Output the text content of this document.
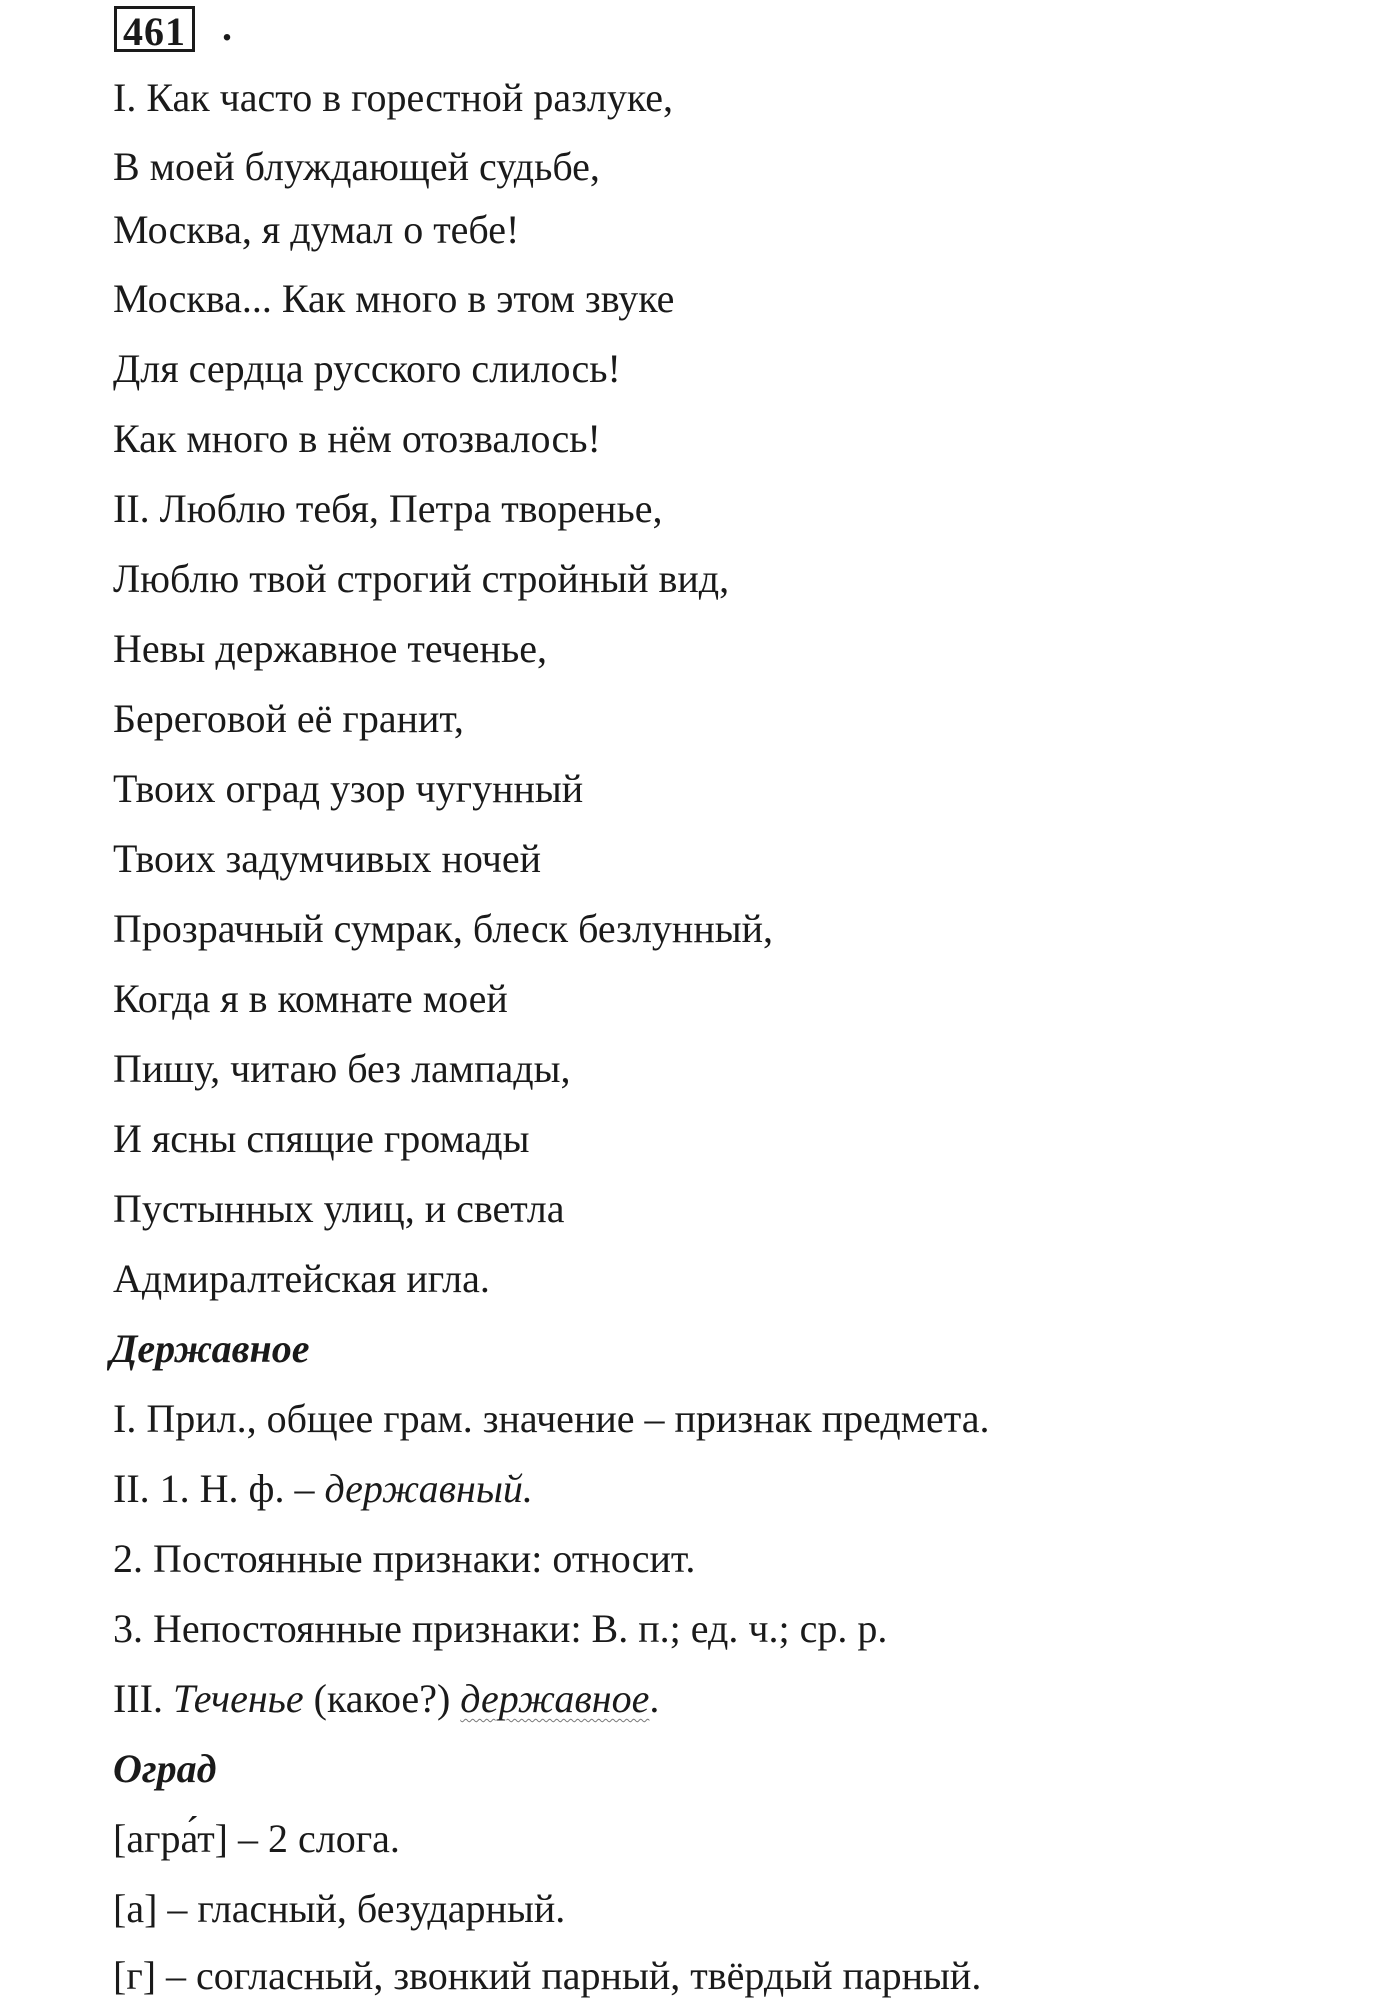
461 .
I. Как часто в горестной разлуке,
В моей блуждающей судьбе,
Москва, я думал о тебе!
Москва... Как много в этом звуке
Для сердца русского слилось!
Как много в нём отозвалось!
II. Люблю тебя, Петра творенье,
Люблю твой строгий стройный вид,
Невы державное теченье,
Береговой её гранит,
Твоих оград узор чугунный
Твоих задумчивых ночей
Прозрачный сумрак, блеск безлунный,
Когда я в комнате моей
Пишу, читаю без лампады,
И ясны спящие громады
Пустынных улиц, и светла
Адмиралтейская игла.
Державное
I. Прил., общее грам. значение – признак предмета.
II. 1. Н. ф. – державный.
2. Постоянные признаки: относит.
3. Непостоянные признаки: В. п.; ед. ч.; ср. р.
III. Теченье (какое?) державное.
Оград
[агра́т] – 2 слога.
[а] – гласный, безударный.
[г] – согласный, звонкий парный, твёрдый парный.
